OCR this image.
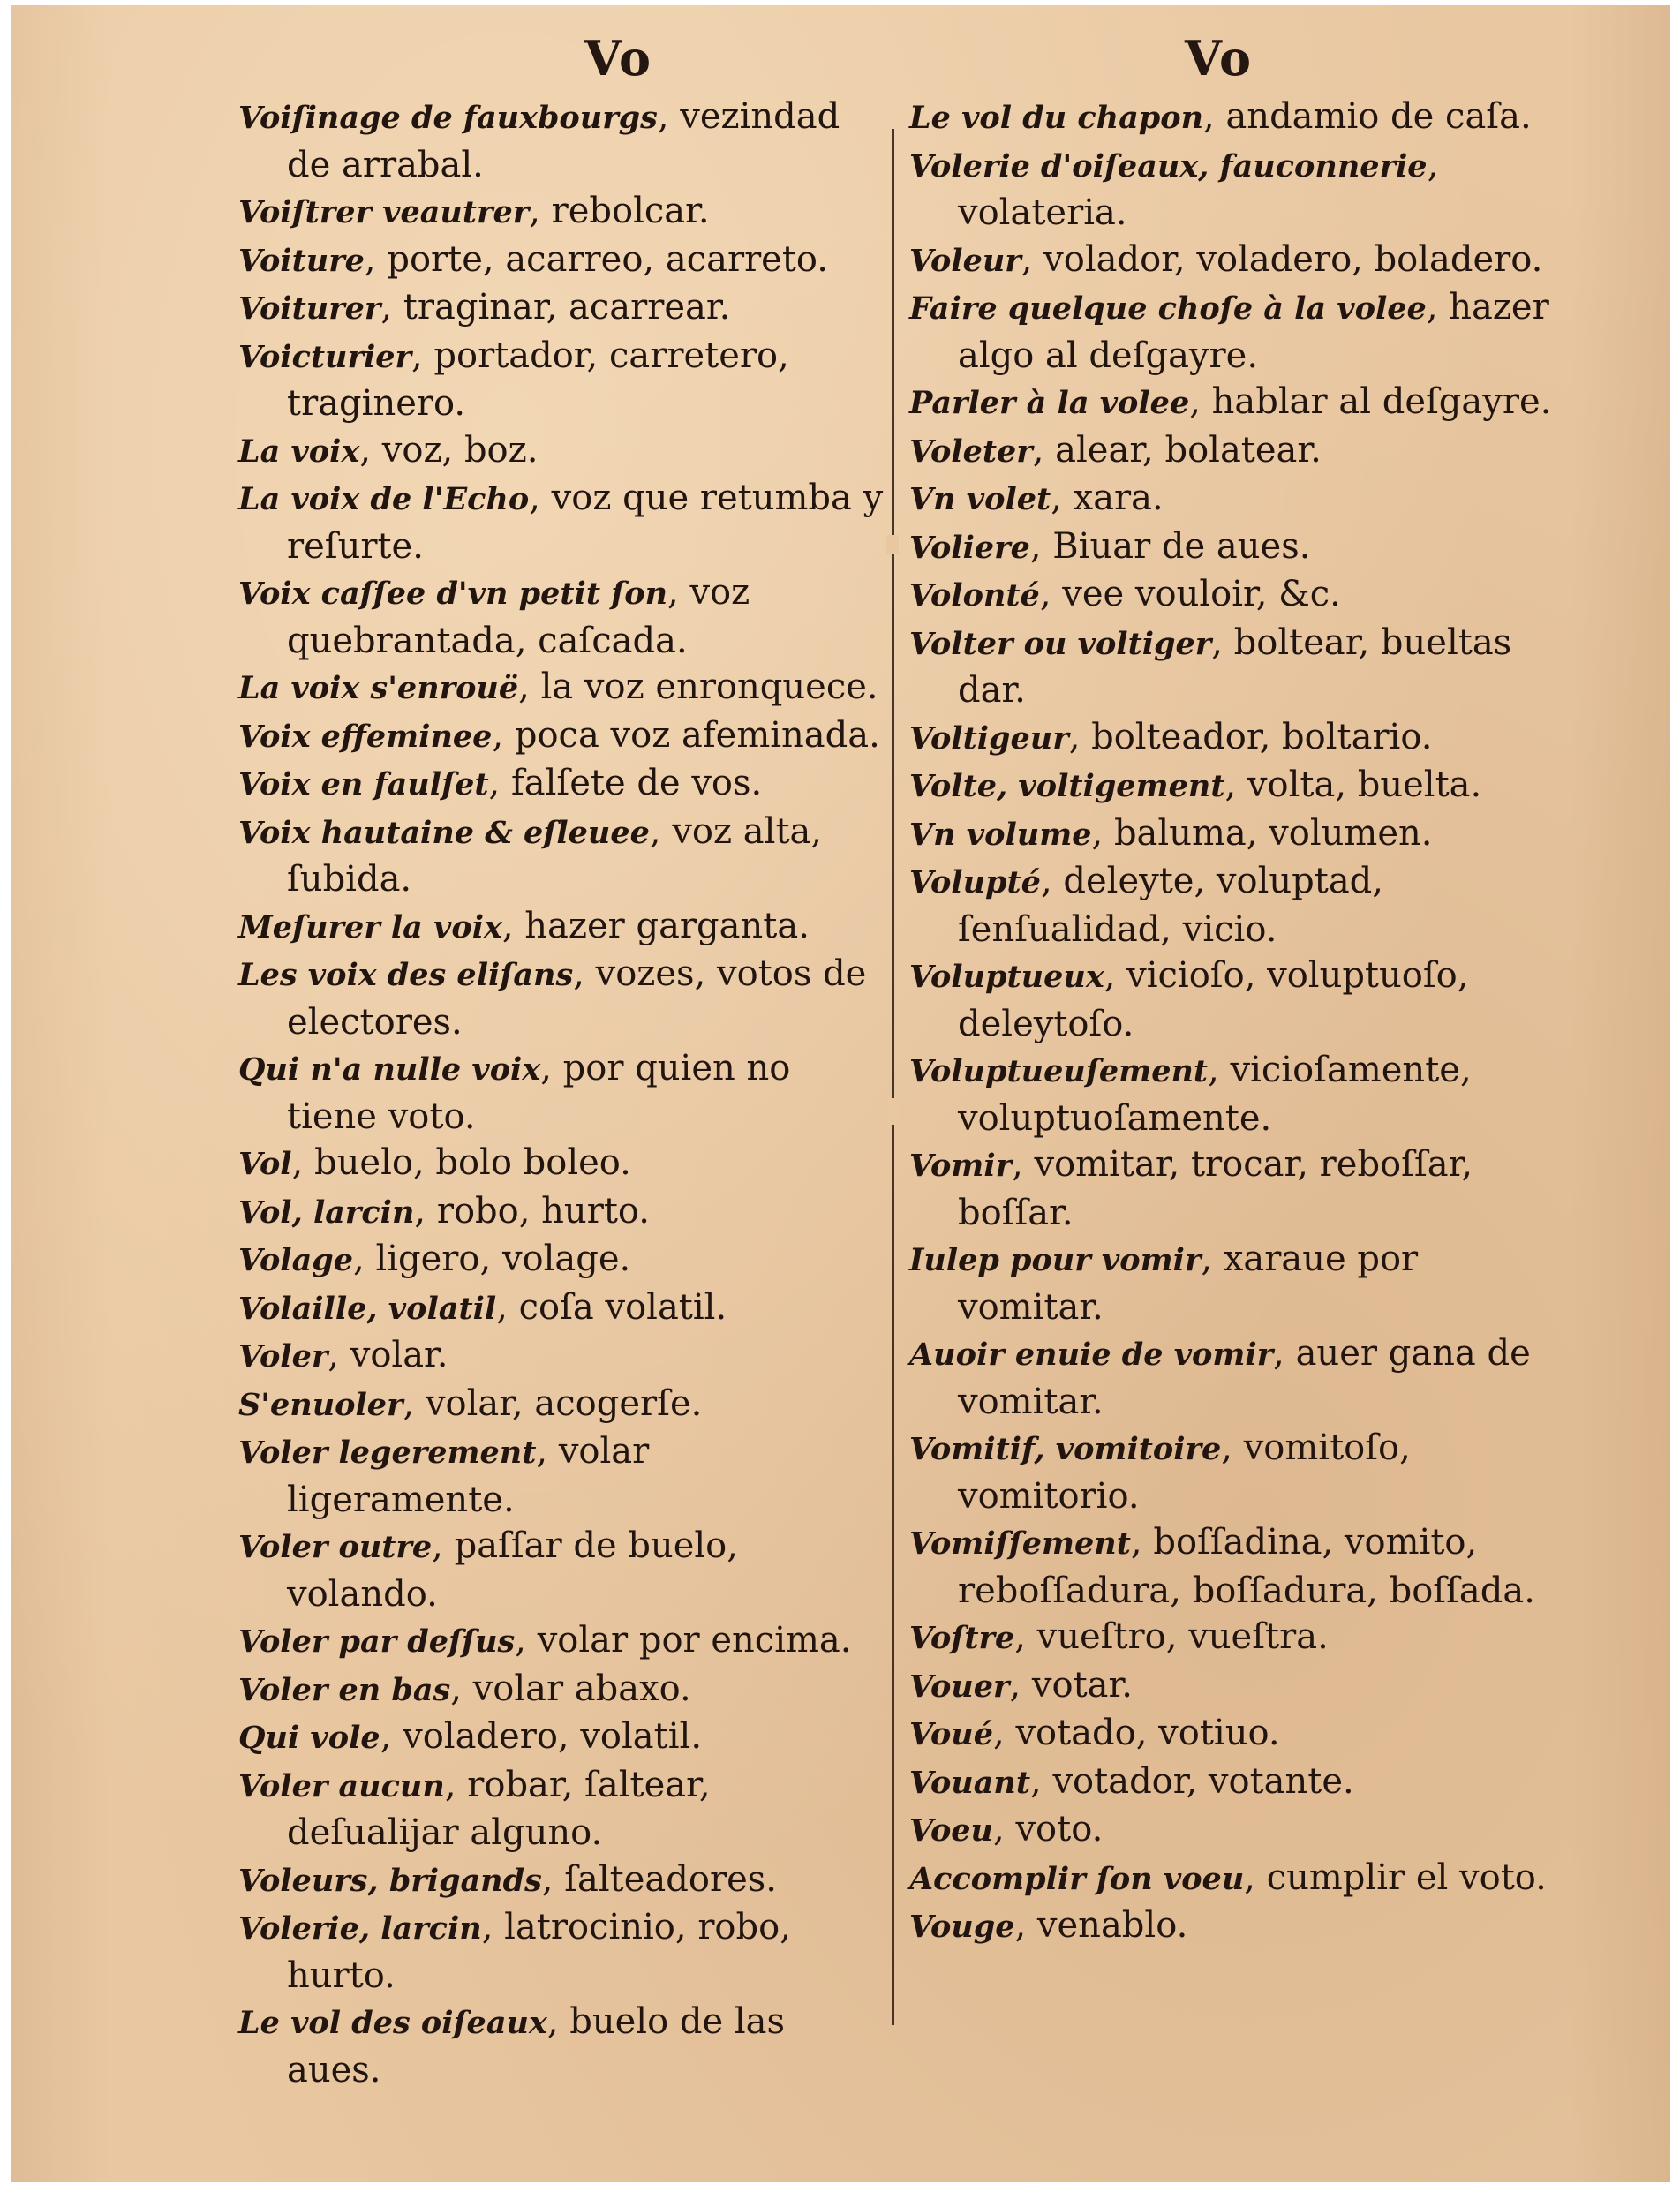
Vo	Vo

Voiſinage de fauxbourgs, vezindad de arrabal.

Voiſtrer veautrer, rebolcar.

Voiture, porte, acarreo, acarreto.

Voiturer, traginar, acarrear.

Voicturier, portador, carretero, traginero.

La voix, voz, boz.

La voix de l'Echo, voz que retumba y reſurte.

Voix caſſee d'vn petit ſon, voz quebrantada, caſcada.

La voix s'enrouë, la voz enronquece.

Voix effeminee, poca voz afeminada.

Voix en faulſet, falſete de vos.

Voix hautaine & eſleuee, voz alta, ſubida.

Meſurer la voix, hazer garganta.

Les voix des eliſans, vozes, votos de electores.

Qui n'a nulle voix, por quien no tiene voto.

Vol, buelo, bolo boleo.

Vol, larcin, robo, hurto.

Volage, ligero, volage.

Volaille, volatil, coſa volatil.

Voler, volar.

S'enuoler, volar, acogerſe.

Voler legerement, volar ligeramente.

Voler outre, paſſar de buelo, volando.

Voler par deſſus, volar por encima.

Voler en bas, volar abaxo.

Qui vole, voladero, volatil.

Voler aucun, robar, ſaltear, deſualijar alguno.

Voleurs, brigands, ſalteadores.

Volerie, larcin, latrocinio, robo, hurto.

Le vol des oiſeaux, buelo de las aues.

Le vol du chapon, andamio de caſa.

Volerie d'oiſeaux, fauconnerie, volateria.

Voleur, volador, voladero, boladero.

Faire quelque choſe à la volee, hazer algo al deſgayre.

Parler à la volee, hablar al deſgayre.

Voleter, alear, bolatear.

Vn volet, xara.

Voliere, Biuar de aues.

Volonté, vee vouloir, &c.

Volter ou voltiger, boltear, bueltas dar.

Voltigeur, bolteador, boltario.

Volte, voltigement, volta, buelta.

Vn volume, baluma, volumen.

Volupté, deleyte, voluptad, ſenſualidad, vicio.

Voluptueux, vicioſo, voluptuoſo, deleytoſo.

Voluptueuſement, vicioſamente, voluptuoſamente.

Vomir, vomitar, trocar, reboſſar, boſſar.

Iulep pour vomir, xaraue por vomitar.

Auoir enuie de vomir, auer gana de vomitar.

Vomitif, vomitoire, vomitoſo, vomitorio.

Vomiſſement, boſſadina, vomito, reboſſadura, boſſadura, boſſada.

Voſtre, vueſtro, vueſtra.

Vouer, votar.

Voué, votado, votiuo.

Vouant, votador, votante.

Voeu, voto.

Accomplir ſon voeu, cumplir el voto.

Vouge, venablo.
